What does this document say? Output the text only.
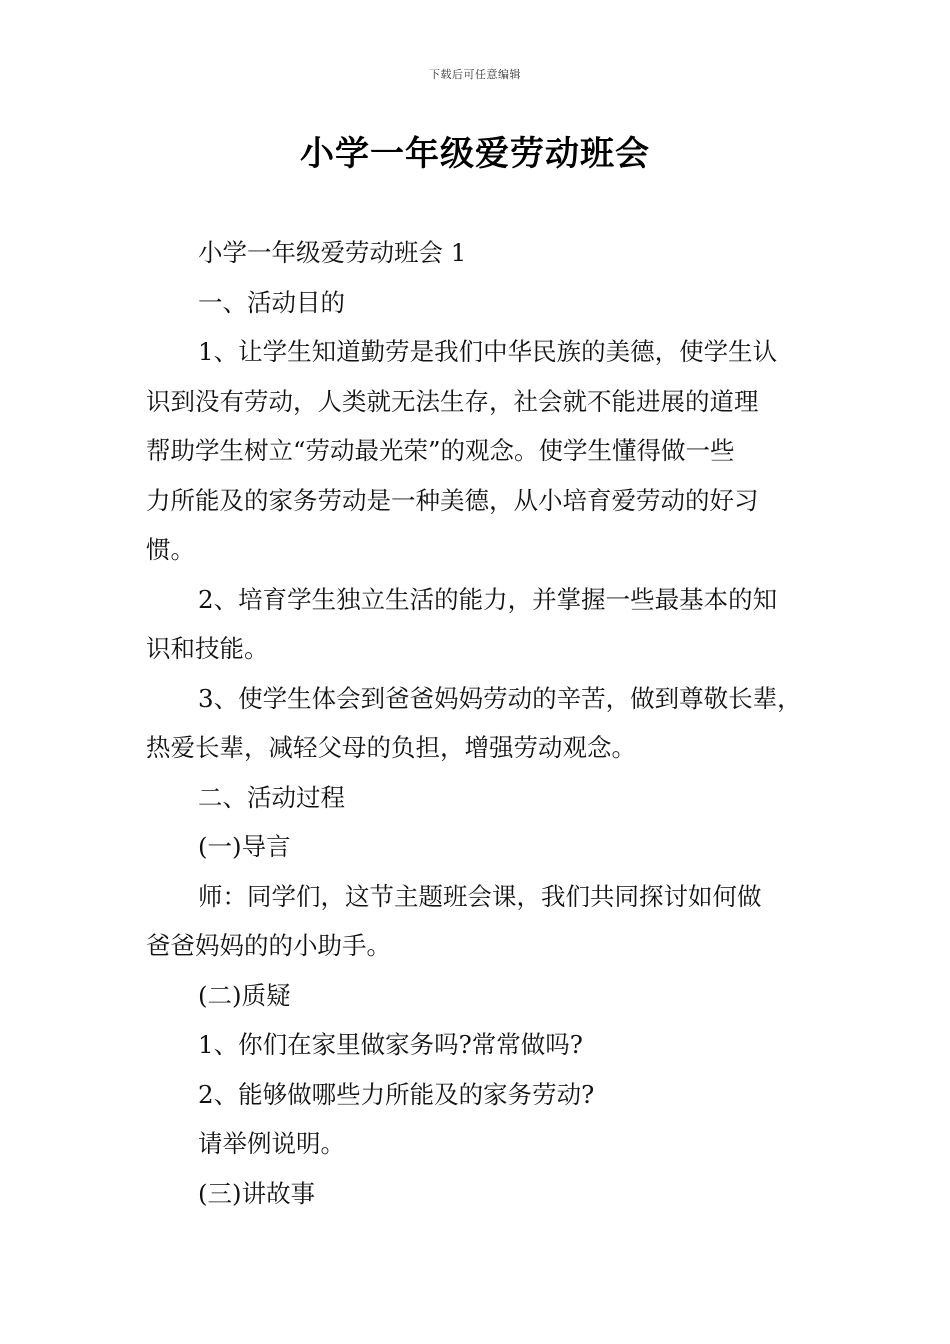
下载后可任意编辑
小学一年级爱劳动班会

小学一年级爱劳动班会 1

一、活动目的

1、让学生知道勤劳是我们中华民族的美德，使学生认

识到没有劳动，人类就无法生存，社会就不能进展的道理

帮助学生树立“劳动最光荣”的观念。使学生懂得做一些

力所能及的家务劳动是一种美德，从小培育爱劳动的好习

惯。

2、培育学生独立生活的能力，并掌握一些最基本的知

识和技能。

3、使学生体会到爸爸妈妈劳动的辛苦，做到尊敬长辈，

热爱长辈，减轻父母的负担，增强劳动观念。

二、活动过程

(一)导言

师：同学们，这节主题班会课，我们共同探讨如何做

爸爸妈妈的的小助手。

(二)质疑

1、你们在家里做家务吗?常常做吗?

2、能够做哪些力所能及的家务劳动?

请举例说明。

(三)讲故事
